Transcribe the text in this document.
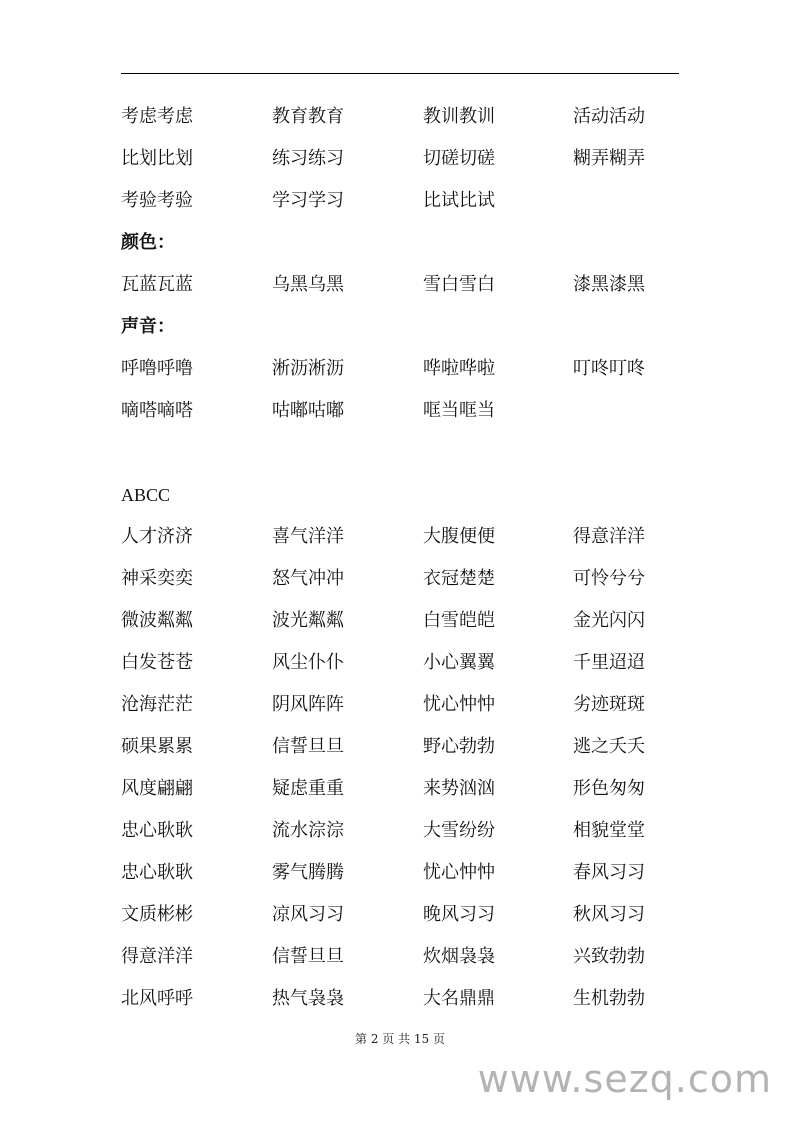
考虑考虑	教育教育	教训教训	活动活动
比划比划	练习练习	切磋切磋	糊弄糊弄
考验考验	学习学习	比试比试
颜色：
瓦蓝瓦蓝	乌黑乌黑	雪白雪白	漆黑漆黑
声音：
呼噜呼噜	淅沥淅沥	哗啦哗啦	叮咚叮咚
嘀嗒嘀嗒	咕嘟咕嘟	哐当哐当
ABCC
人才济济	喜气洋洋	大腹便便	得意洋洋
神采奕奕	怒气冲冲	衣冠楚楚	可怜兮兮
微波粼粼	波光粼粼	白雪皑皑	金光闪闪
白发苍苍	风尘仆仆	小心翼翼	千里迢迢
沧海茫茫	阴风阵阵	忧心忡忡	劣迹斑斑
硕果累累	信誓旦旦	野心勃勃	逃之夭夭
风度翩翩	疑虑重重	来势汹汹	形色匆匆
忠心耿耿	流水淙淙	大雪纷纷	相貌堂堂
忠心耿耿	雾气腾腾	忧心忡忡	春风习习
文质彬彬	凉风习习	晚风习习	秋风习习
得意洋洋	信誓旦旦	炊烟袅袅	兴致勃勃
北风呼呼	热气袅袅	大名鼎鼎	生机勃勃
第 2 页 共 15 页
www.sezq.com
